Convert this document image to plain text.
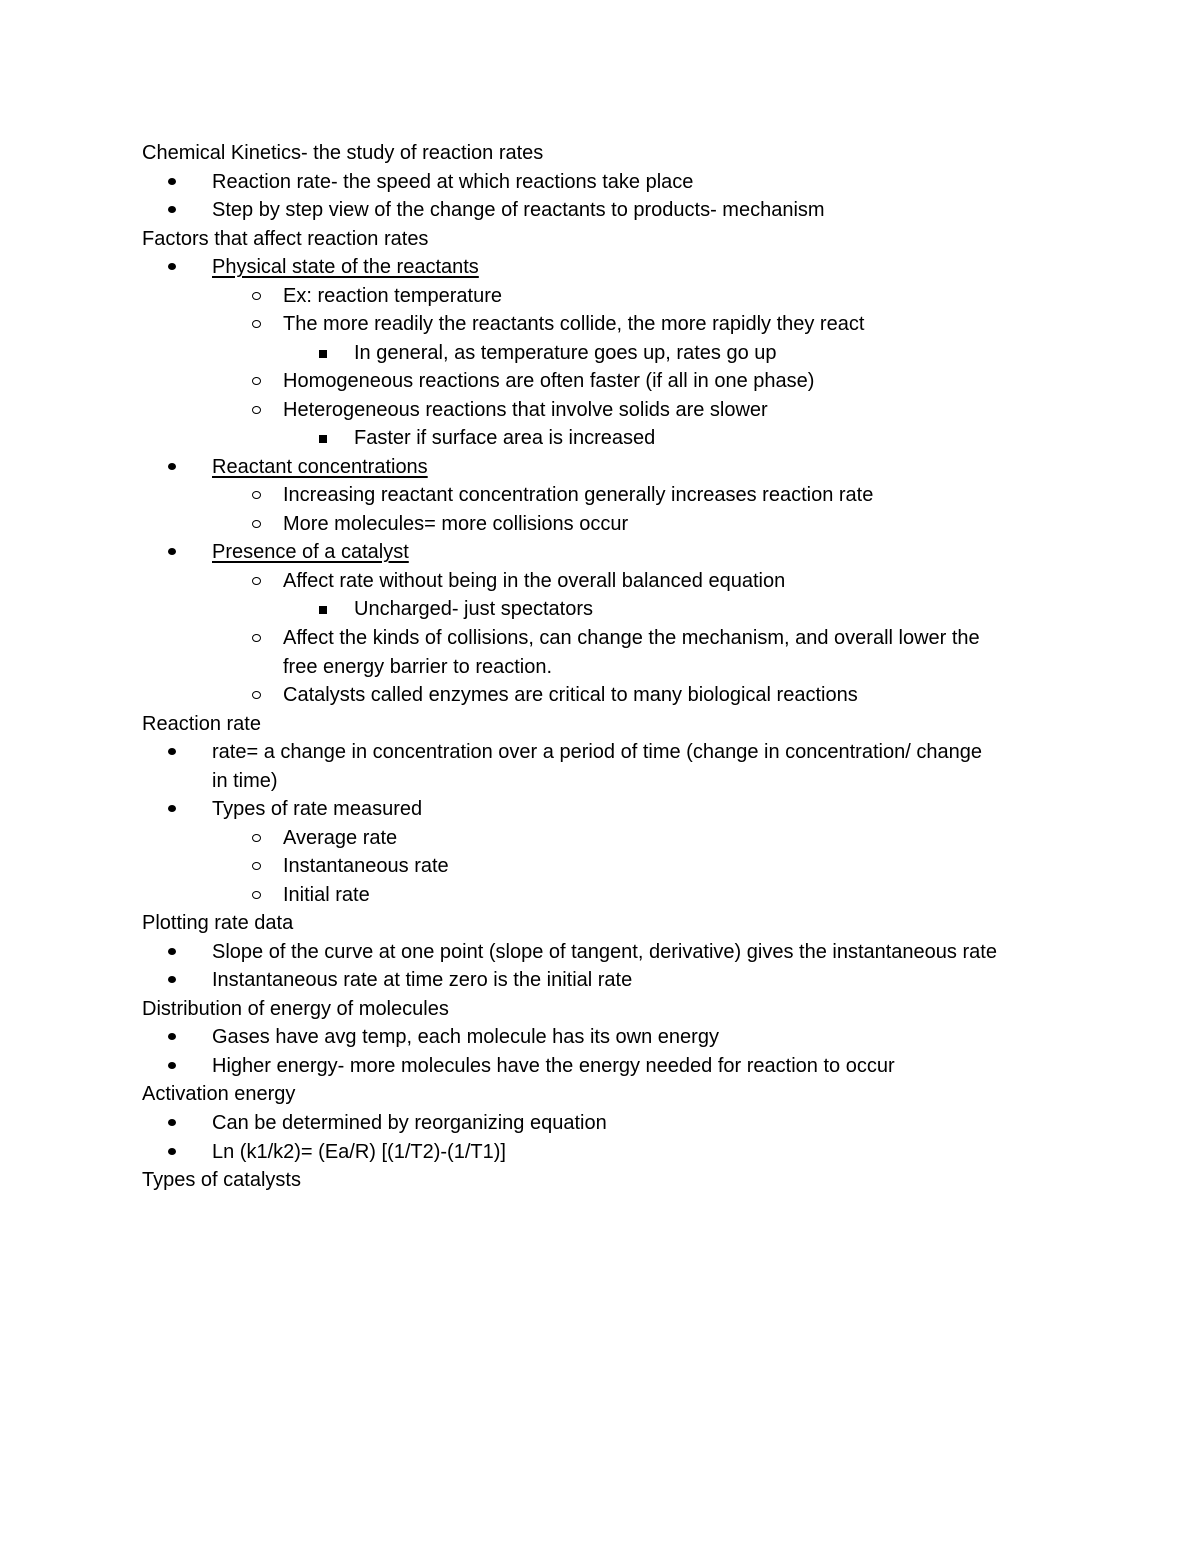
Chemical Kinetics- the study of reaction rates
Reaction rate- the speed at which reactions take place
Step by step view of the change of reactants to products- mechanism
Factors that affect reaction rates
Physical state of the reactants
Ex: reaction temperature
The more readily the reactants collide, the more rapidly they react
In general, as temperature goes up, rates go up
Homogeneous reactions are often faster (if all in one phase)
Heterogeneous reactions that involve solids are slower
Faster if surface area is increased
Reactant concentrations
Increasing reactant concentration generally increases reaction rate
More molecules= more collisions occur
Presence of a catalyst
Affect rate without being in the overall balanced equation
Uncharged- just spectators
Affect the kinds of collisions, can change the mechanism, and overall lower the
free energy barrier to reaction.
Catalysts called enzymes are critical to many biological reactions
Reaction rate
rate= a change in concentration over a period of time (change in concentration/ change
in time)
Types of rate measured
Average rate
Instantaneous rate
Initial rate
Plotting rate data
Slope of the curve at one point (slope of tangent, derivative) gives the instantaneous rate
Instantaneous rate at time zero is the initial rate
Distribution of energy of molecules
Gases have avg temp, each molecule has its own energy
Higher energy- more molecules have the energy needed for reaction to occur
Activation energy
Can be determined by reorganizing equation
Ln (k1/k2)= (Ea/R) [(1/T2)-(1/T1)]
Types of catalysts
